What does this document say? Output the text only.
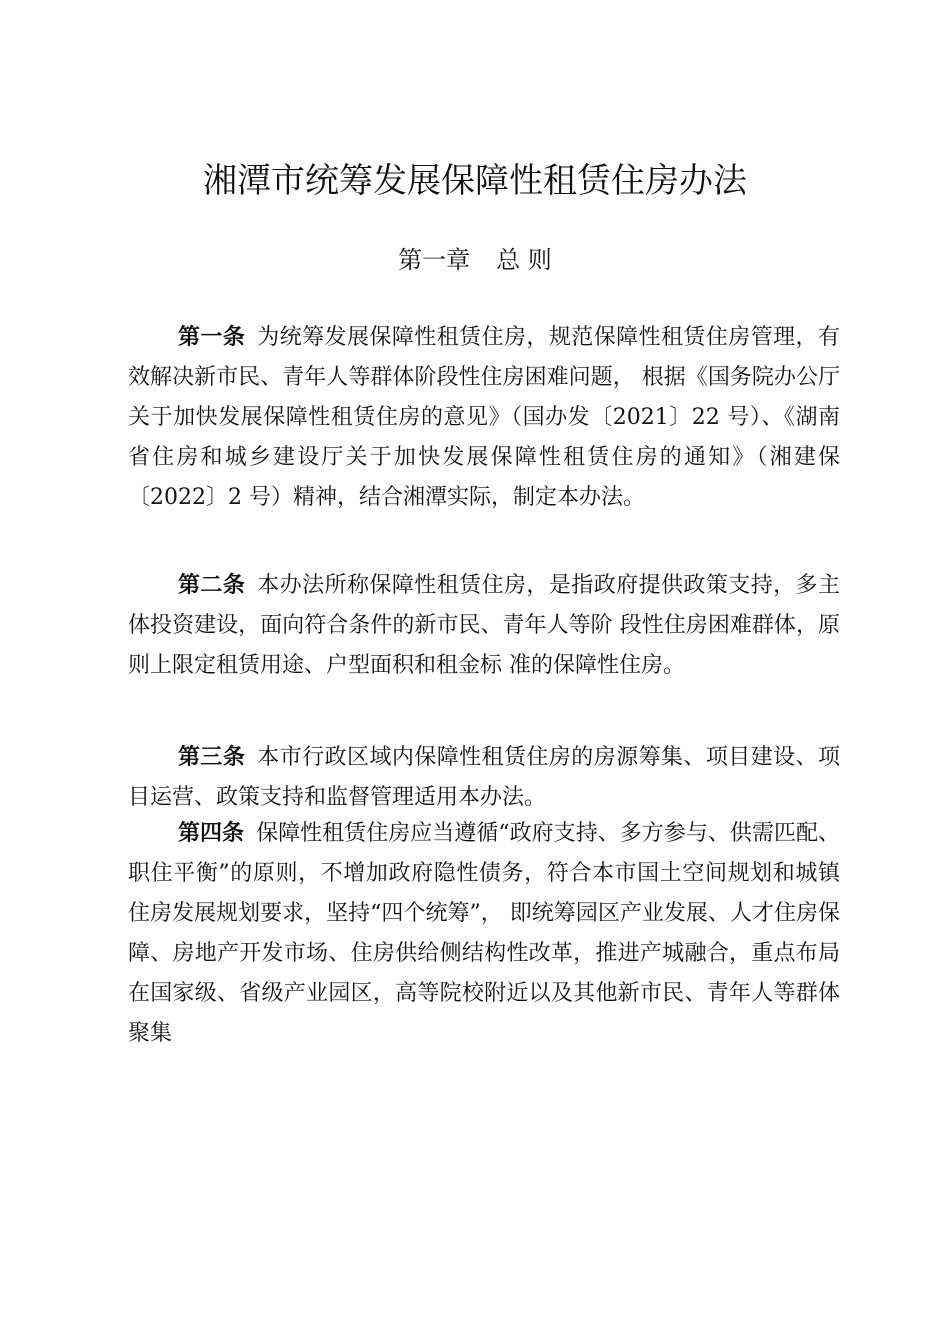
湘潭市统筹发展保障性租赁住房办法
第一章 总 则

第一条 为统筹发展保障性租赁住房，规范保障性租赁住房管理，有效解决新市民、青年人等群体阶段性住房困难问题， 根据《国务院办公厅关于加快发展保障性租赁住房的意见》（国办发〔2021〕22 号）、《湖南省住房和城乡建设厅关于加快发展保障性租赁住房的通知》（湘建保〔2022〕2 号）精神，结合湘潭实际，制定本办法。

第二条 本办法所称保障性租赁住房，是指政府提供政策支持，多主体投资建设，面向符合条件的新市民、青年人等阶 段性住房困难群体，原则上限定租赁用途、户型面积和租金标 准的保障性住房。

第三条 本市行政区域内保障性租赁住房的房源筹集、项目建设、项目运营、政策支持和监督管理适用本办法。

第四条 保障性租赁住房应当遵循“政府支持、多方参与、供需匹配、职住平衡”的原则，不增加政府隐性债务，符合本市国土空间规划和城镇住房发展规划要求，坚持“四个统筹”， 即统筹园区产业发展、人才住房保障、房地产开发市场、住房供给侧结构性改革，推进产城融合，重点布局在国家级、省级产业园区，高等院校附近以及其他新市民、青年人等群体聚集
